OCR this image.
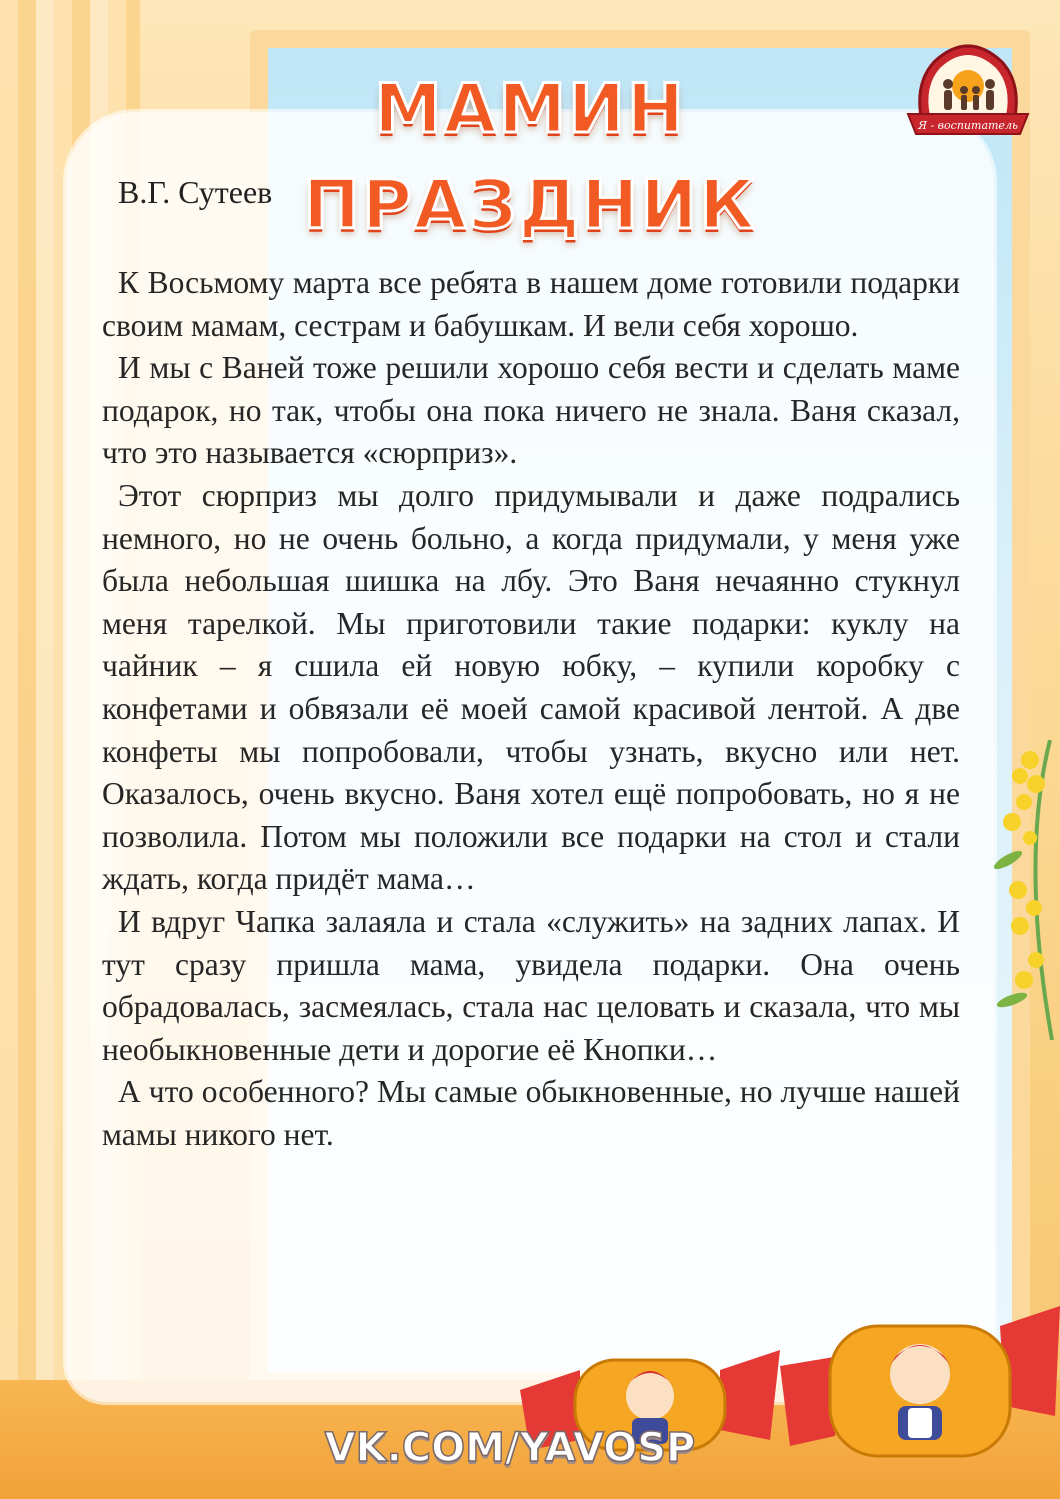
МАМИН ПРАЗДНИК
Я - воспитатель
В.Г. Сутеев

К Восьмому марта все ребята в нашем доме готовили подарки своим мамам, сестрам и бабушкам. И вели себя хорошо.

И мы с Ваней тоже решили хорошо себя вести и сделать маме подарок, но так, чтобы она пока ничего не знала. Ваня сказал, что это называется «сюрприз».

Этот сюрприз мы долго придумывали и даже подрались немного, но не очень больно, а когда придумали, у меня уже была небольшая шишка на лбу. Это Ваня нечаянно стукнул меня тарелкой. Мы приготовили такие подарки: куклу на чайник – я сшила ей новую юбку, – купили коробку с конфетами и обвязали её моей самой красивой лентой. А две конфеты мы попробовали, чтобы узнать, вкусно или нет. Оказалось, очень вкусно. Ваня хотел ещё попробовать, но я не позволила. Потом мы положили все подарки на стол и стали ждать, когда придёт мама…

И вдруг Чапка залаяла и стала «служить» на задних лапах. И тут сразу пришла мама, увидела подарки. Она очень обрадовалась, засмеялась, стала нас целовать и сказала, что мы необыкновенные дети и дорогие её Кнопки…

А что особенного? Мы самые обыкновенные, но лучше нашей мамы никого нет.

VK.COM/YAVOSP
